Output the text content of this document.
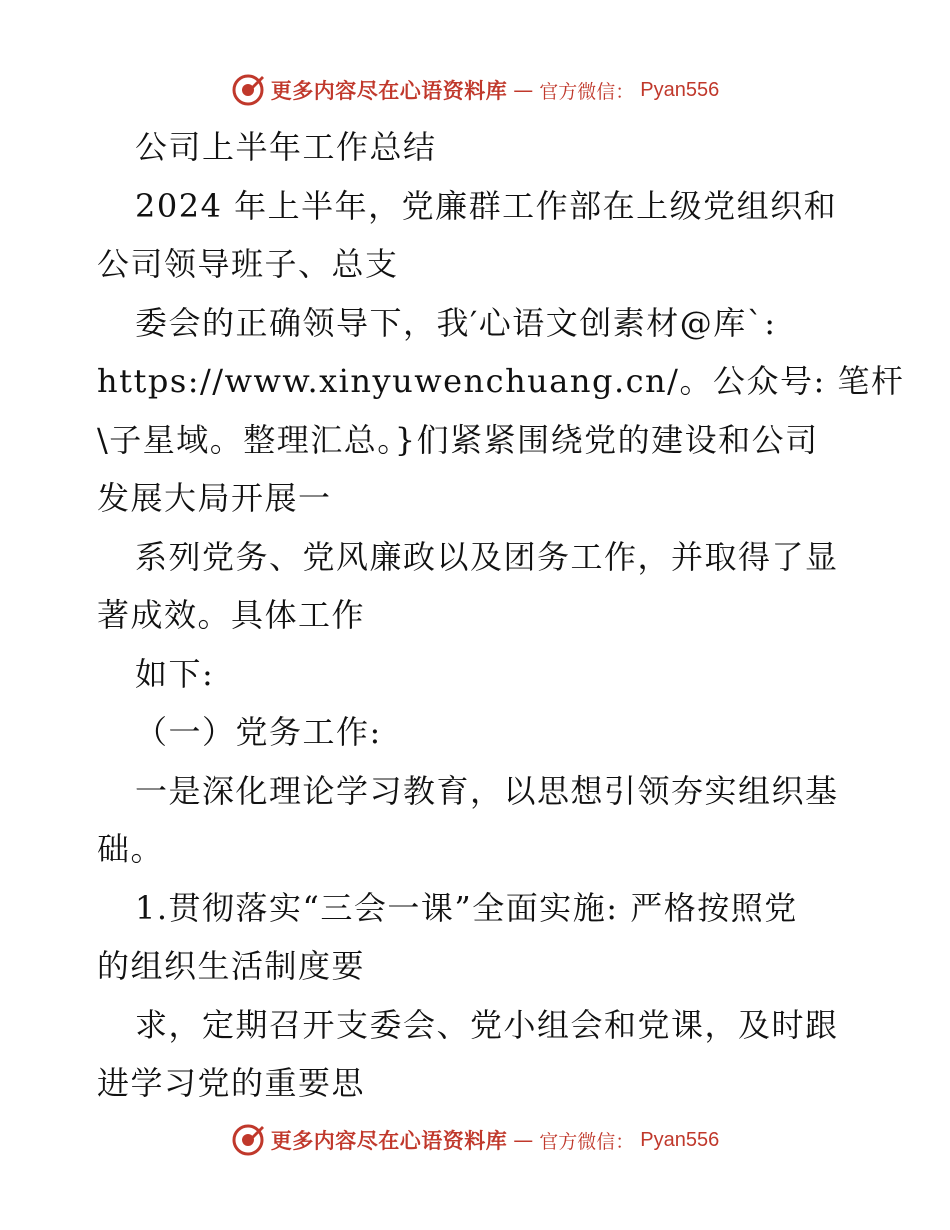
更多内容尽在心语资料库 — 官方微信： Pyan556
公司上半年工作总结
2024 年上半年，党廉群工作部在上级党组织和
公司领导班子、总支
委会的正确领导下，我′心语文创素材@库`:
https://www.xinyuwenchuang.cn/。公众号: 笔杆
\子星域。整理汇总。}们紧紧围绕党的建设和公司
发展大局开展一
系列党务、党风廉政以及团务工作，并取得了显
著成效。具体工作
如下:
（一）党务工作:
一是深化理论学习教育，以思想引领夯实组织基
础。
1.贯彻落实“三会一课”全面实施: 严格按照党
的组织生活制度要
求，定期召开支委会、党小组会和党课，及时跟
进学习党的重要思
更多内容尽在心语资料库 — 官方微信： Pyan556
